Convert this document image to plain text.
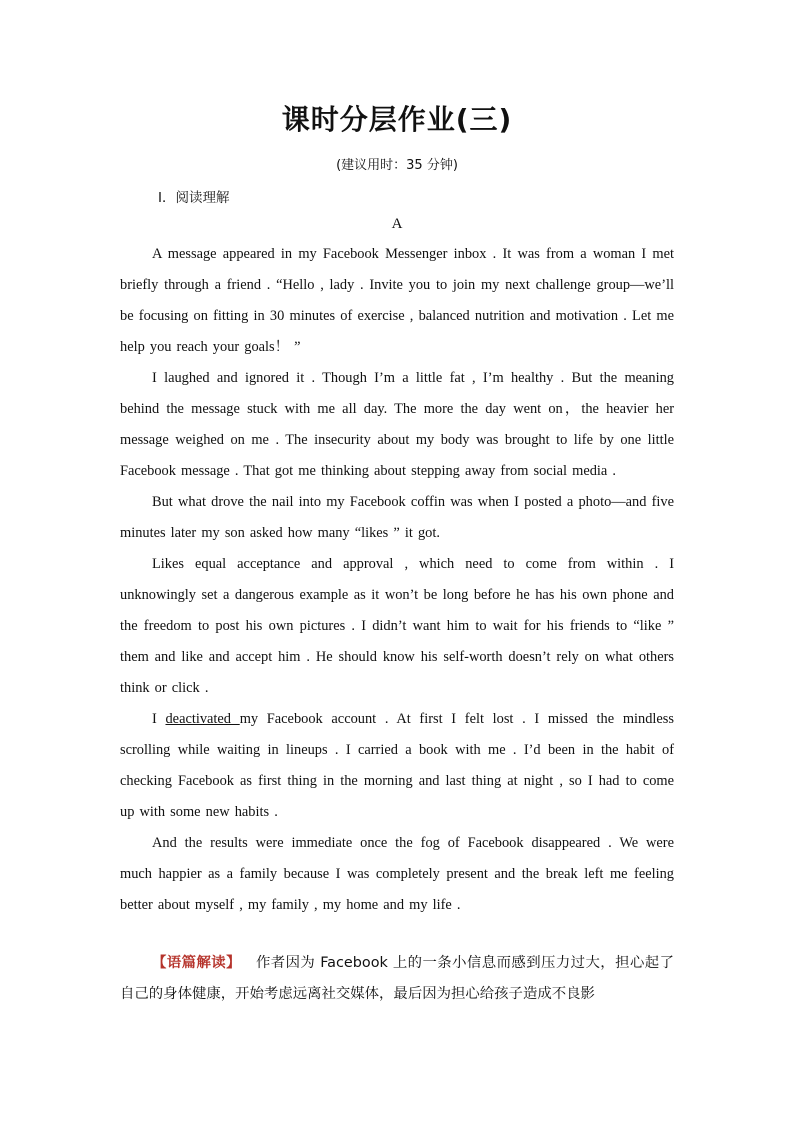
课时分层作业(三)
(建议用时：35 分钟)
Ⅰ．阅读理解
A

A message appeared in my Facebook Messenger inbox . It was from a woman I met briefly through a friend . “Hello , lady . Invite you to join my next challenge group—we’ll be focusing on fitting in 30 minutes of exercise , balanced nutrition and motivation . Let me help you reach your goals！ ”

I laughed and ignored it . Though I’m a little fat , I’m healthy . But the meaning behind the message stuck with me all day. The more the day went on，the heavier her message weighed on me . The insecurity about my body was brought to life by one little Facebook message . That got me thinking about stepping away from social media .

But what drove the nail into my Facebook coffin was when I posted a photo—and five minutes later my son asked how many “likes ” it got.

Likes equal acceptance and approval , which need to come from within . I unknowingly set a dangerous example as it won’t be long before he has his own phone and the freedom to post his own pictures . I didn’t want him to wait for his friends to “like ” them and like and accept him . He should know his self-worth doesn’t rely on what others think or click .

I deactivated my Facebook account . At first I felt lost . I missed the mindless scrolling while waiting in lineups . I carried a book with me . I’d been in the habit of checking Facebook as first thing in the morning and last thing at night , so I had to come up with some new habits .

And the results were immediate once the fog of Facebook disappeared . We were much happier as a family because I was completely present and the break left me feeling better about myself , my family , my home and my life .

【语篇解读】 作者因为 Facebook 上的一条小信息而感到压力过大，担心起了自己的身体健康，开始考虑远离社交媒体，最后因为担心给孩子造成不良影
